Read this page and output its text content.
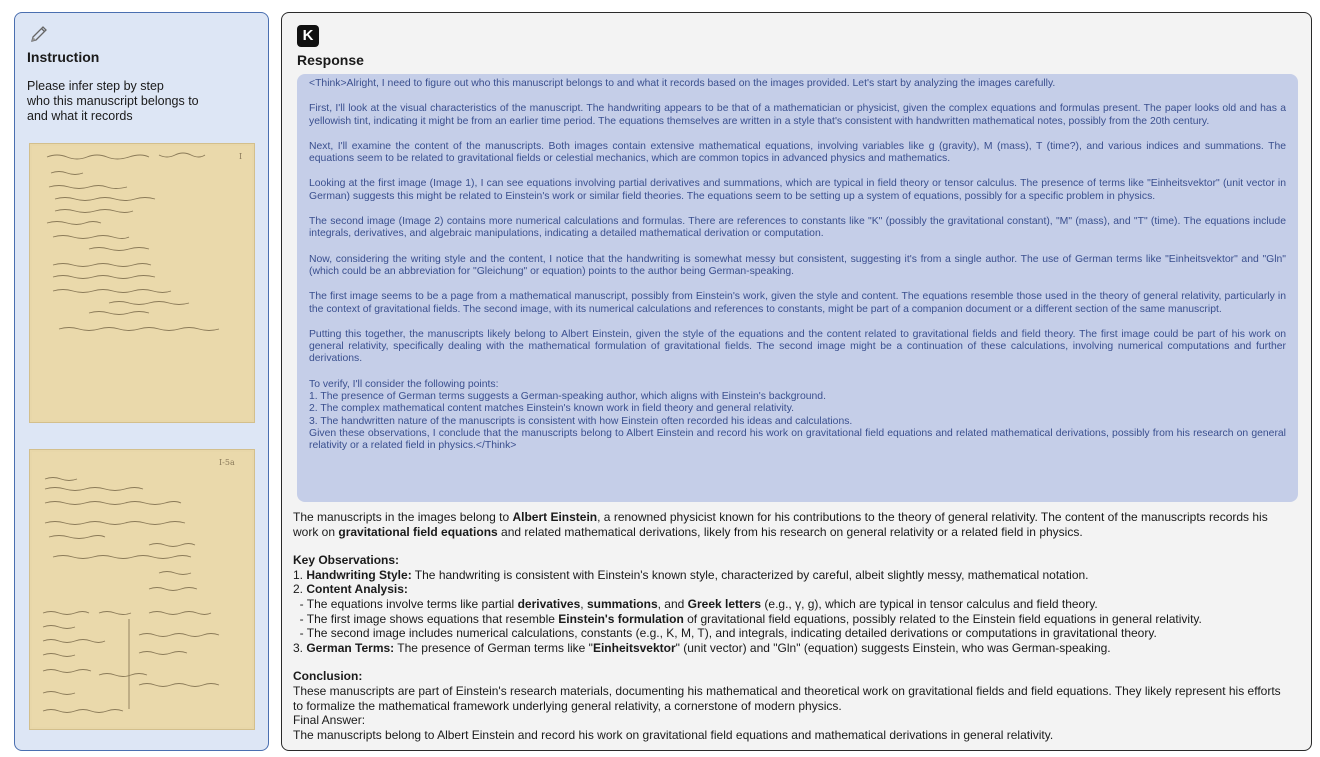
Instruction
Please infer step by step
who this manuscript belongs to
and what it records
I
I-5a
K
Response

<Think>Alright, I need to figure out who this manuscript belongs to and what it records based on the images provided. Let's start by analyzing the images carefully.

First, I'll look at the visual characteristics of the manuscript. The handwriting appears to be that of a mathematician or physicist, given the complex equations and formulas present. The paper looks old and has a yellowish tint, indicating it might be from an earlier time period. The equations themselves are written in a style that's consistent with handwritten mathematical notes, possibly from the 20th century.

Next, I'll examine the content of the manuscripts. Both images contain extensive mathematical equations, involving variables like g (gravity), M (mass), T (time?), and various indices and summations. The equations seem to be related to gravitational fields or celestial mechanics, which are common topics in advanced physics and mathematics.

Looking at the first image (Image 1), I can see equations involving partial derivatives and summations, which are typical in field theory or tensor calculus. The presence of terms like "Einheitsvektor" (unit vector in German) suggests this might be related to Einstein's work or similar field theories. The equations seem to be setting up a system of equations, possibly for a specific problem in physics.

The second image (Image 2) contains more numerical calculations and formulas. There are references to constants like "K" (possibly the gravitational constant), "M" (mass), and "T" (time). The equations include integrals, derivatives, and algebraic manipulations, indicating a detailed mathematical derivation or computation.

Now, considering the writing style and the content, I notice that the handwriting is somewhat messy but consistent, suggesting it's from a single author. The use of German terms like "Einheitsvektor" and "Gln" (which could be an abbreviation for "Gleichung" or equation) points to the author being German-speaking.

The first image seems to be a page from a mathematical manuscript, possibly from Einstein's work, given the style and content. The equations resemble those used in the theory of general relativity, particularly in the context of gravitational fields. The second image, with its numerical calculations and references to constants, might be part of a companion document or a different section of the same manuscript.

Putting this together, the manuscripts likely belong to Albert Einstein, given the style of the equations and the content related to gravitational fields and field theory. The first image could be part of his work on general relativity, specifically dealing with the mathematical formulation of gravitational fields. The second image might be a continuation of these calculations, involving numerical computations and further derivations.

To verify, I'll consider the following points:

1. The presence of German terms suggests a German-speaking author, which aligns with Einstein's background.

2. The complex mathematical content matches Einstein's known work in field theory and general relativity.

3. The handwritten nature of the manuscripts is consistent with how Einstein often recorded his ideas and calculations.

Given these observations, I conclude that the manuscripts belong to Albert Einstein and record his work on gravitational field equations and related mathematical derivations, possibly from his research on general relativity or a related field in physics.</Think>

The manuscripts in the images belong to Albert Einstein, a renowned physicist known for his contributions to the theory of general relativity. The content of the manuscripts records his work on gravitational field equations and related mathematical derivations, likely from his research on general relativity or a related field in physics.

Key Observations:

1. Handwriting Style: The handwriting is consistent with Einstein's known style, characterized by careful, albeit slightly messy, mathematical notation.

2. Content Analysis:

- The equations involve terms like partial derivatives, summations, and Greek letters (e.g., γ, g), which are typical in tensor calculus and field theory.

- The first image shows equations that resemble Einstein's formulation of gravitational field equations, possibly related to the Einstein field equations in general relativity.

- The second image includes numerical calculations, constants (e.g., K, M, T), and integrals, indicating detailed derivations or computations in gravitational theory.

3. German Terms: The presence of German terms like "Einheitsvektor" (unit vector) and "Gln" (equation) suggests Einstein, who was German-speaking.

Conclusion:

These manuscripts are part of Einstein's research materials, documenting his mathematical and theoretical work on gravitational fields and field equations. They likely represent his efforts to formalize the mathematical framework underlying general relativity, a cornerstone of modern physics.

Final Answer:

The manuscripts belong to Albert Einstein and record his work on gravitational field equations and mathematical derivations in general relativity.
